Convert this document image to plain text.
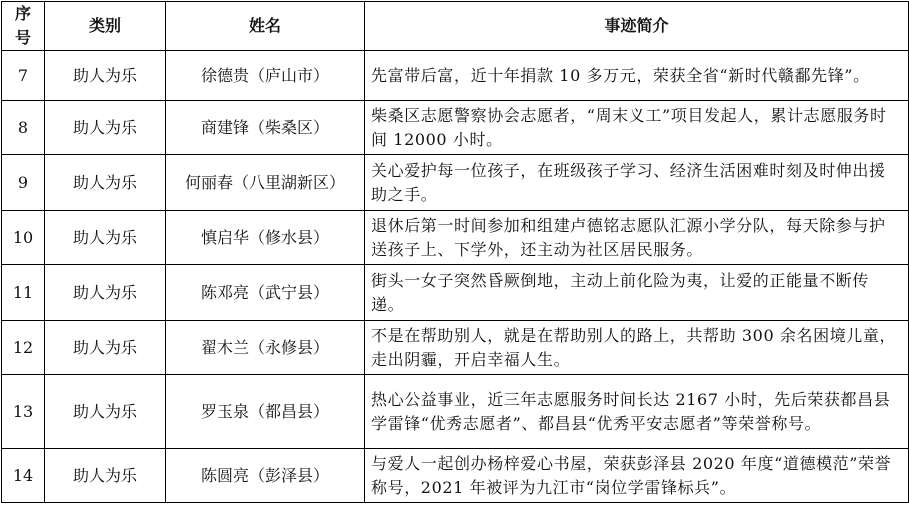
序号	类别	姓名	事迹简介
7	助人为乐	徐德贵（庐山市）	先富带后富，近十年捐款 10 多万元，荣获全省“新时代赣鄱先锋”。
8	助人为乐	商建锋（柴桑区）	柴桑区志愿警察协会志愿者，“周末义工”项目发起人，累计志愿服务时间 12000 小时。
9	助人为乐	何丽春（八里湖新区）	关心爱护每一位孩子，在班级孩子学习、经济生活困难时刻及时伸出援助之手。
10	助人为乐	慎启华（修水县）	退休后第一时间参加和组建卢德铭志愿队汇源小学分队，每天除参与护送孩子上、下学外，还主动为社区居民服务。
11	助人为乐	陈邓亮（武宁县）	街头一女子突然昏厥倒地，主动上前化险为夷，让爱的正能量不断传递。
12	助人为乐	翟木兰（永修县）	不是在帮助别人，就是在帮助别人的路上，共帮助 300 余名困境儿童，走出阴霾，开启幸福人生。
13	助人为乐	罗玉泉（都昌县）	热心公益事业，近三年志愿服务时间长达 2167 小时，先后荣获都昌县学雷锋“优秀志愿者”、都昌县“优秀平安志愿者”等荣誉称号。
14	助人为乐	陈圆亮（彭泽县）	与爱人一起创办杨梓爱心书屋，荣获彭泽县 2020 年度“道德模范”荣誉称号，2021 年被评为九江市“岗位学雷锋标兵”。
